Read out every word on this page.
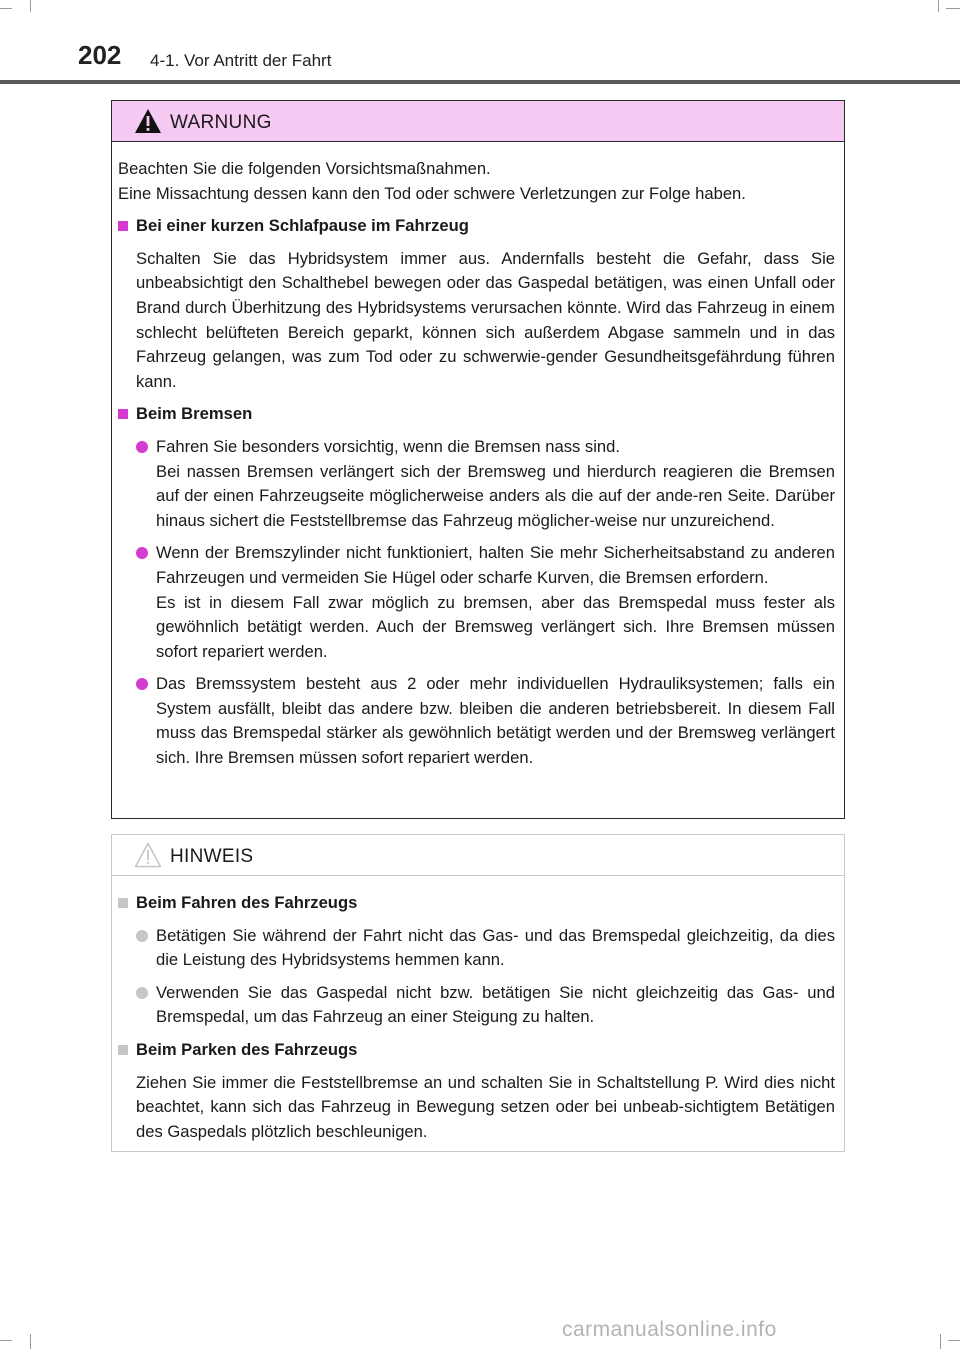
202 4-1. Vor Antritt der Fahrt
WARNUNG

Beachten Sie die folgenden Vorsichtsmaßnahmen.

Eine Missachtung dessen kann den Tod oder schwere Verletzungen zur Folge haben.

Bei einer kurzen Schlafpause im Fahrzeug

Schalten Sie das Hybridsystem immer aus. Andernfalls besteht die Gefahr, dass Sie unbeabsichtigt den Schalthebel bewegen oder das Gaspedal betätigen, was einen Unfall oder Brand durch Überhitzung des Hybridsystems verursachen könnte. Wird das Fahrzeug in einem schlecht belüfteten Bereich geparkt, können sich außerdem Abgase sammeln und in das Fahrzeug gelangen, was zum Tod oder zu schwerwie-gender Gesundheitsgefährdung führen kann.

Beim Bremsen

Fahren Sie besonders vorsichtig, wenn die Bremsen nass sind.

Bei nassen Bremsen verlängert sich der Bremsweg und hierdurch reagieren die Bremsen auf der einen Fahrzeugseite möglicherweise anders als die auf der ande-ren Seite. Darüber hinaus sichert die Feststellbremse das Fahrzeug möglicher-weise nur unzureichend.

Wenn der Bremszylinder nicht funktioniert, halten Sie mehr Sicherheitsabstand zu anderen Fahrzeugen und vermeiden Sie Hügel oder scharfe Kurven, die Bremsen erfordern.

Es ist in diesem Fall zwar möglich zu bremsen, aber das Bremspedal muss fester als gewöhnlich betätigt werden. Auch der Bremsweg verlängert sich. Ihre Bremsen müssen sofort repariert werden.

Das Bremssystem besteht aus 2 oder mehr individuellen Hydrauliksystemen; falls ein System ausfällt, bleibt das andere bzw. bleiben die anderen betriebsbereit. In diesem Fall muss das Bremspedal stärker als gewöhnlich betätigt werden und der Bremsweg verlängert sich. Ihre Bremsen müssen sofort repariert werden.

HINWEIS
Beim Fahren des Fahrzeugs

Betätigen Sie während der Fahrt nicht das Gas- und das Bremspedal gleichzeitig, da dies die Leistung des Hybridsystems hemmen kann.

Verwenden Sie das Gaspedal nicht bzw. betätigen Sie nicht gleichzeitig das Gas- und Bremspedal, um das Fahrzeug an einer Steigung zu halten.

Beim Parken des Fahrzeugs

Ziehen Sie immer die Feststellbremse an und schalten Sie in Schaltstellung P. Wird dies nicht beachtet, kann sich das Fahrzeug in Bewegung setzen oder bei unbeab-sichtigtem Betätigen des Gaspedals plötzlich beschleunigen.

carmanualsonline.info
